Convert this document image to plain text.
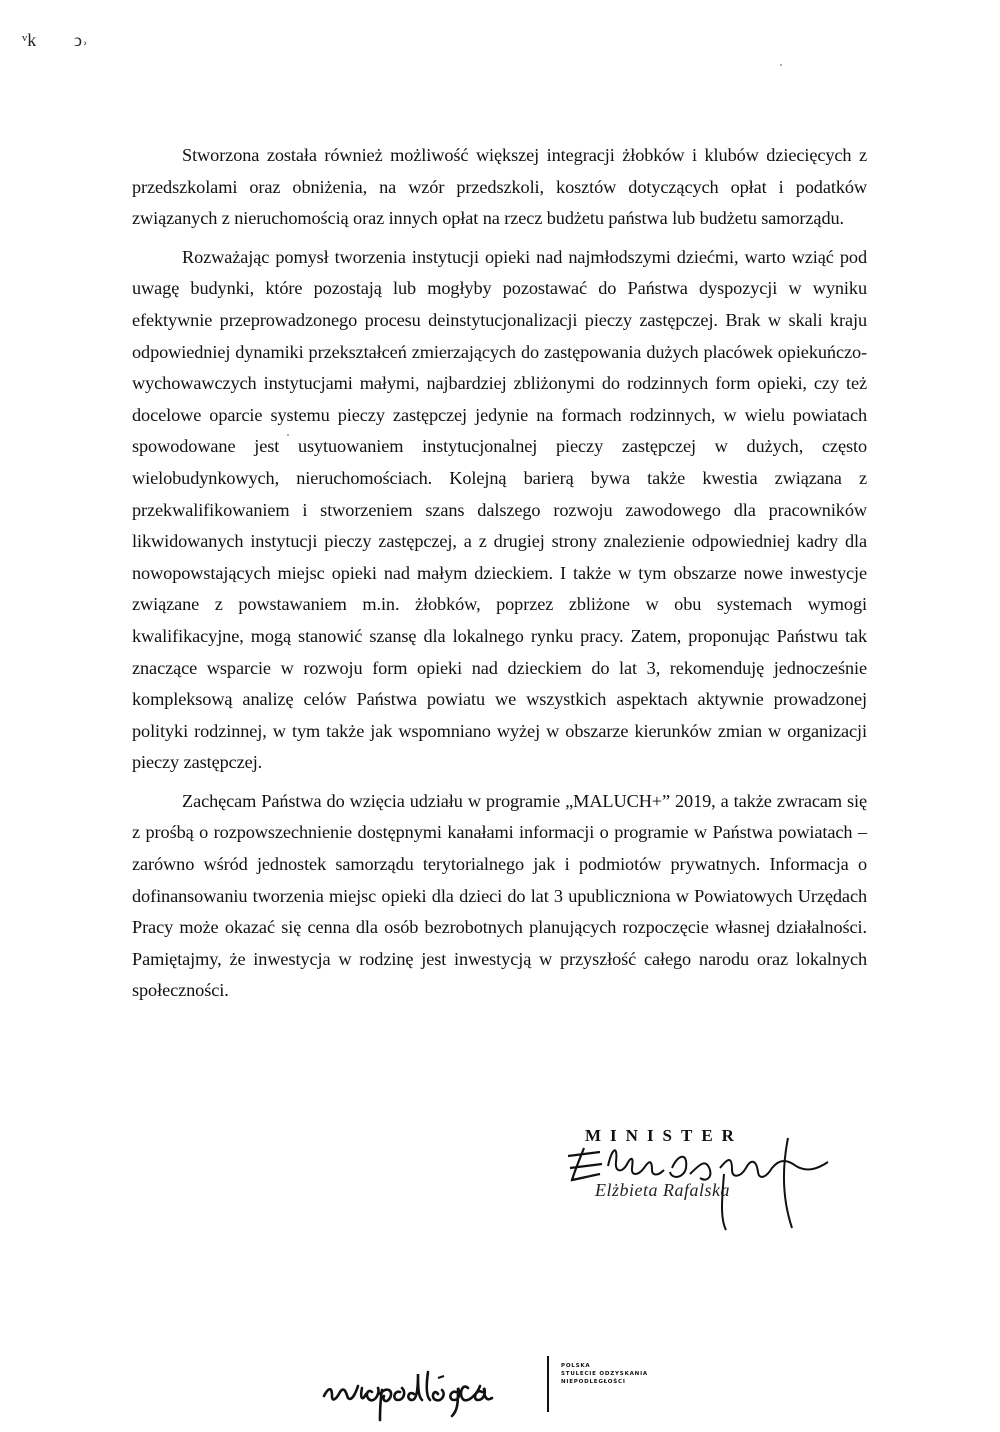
ᵛk ↄ˒

Stworzona została również możliwość większej integracji żłobków i klubów dziecięcych z przedszkolami oraz obniżenia, na wzór przedszkoli, kosztów dotyczących opłat i podatków związanych z nieruchomością oraz innych opłat na rzecz budżetu państwa lub budżetu samorządu.

Rozważając pomysł tworzenia instytucji opieki nad najmłodszymi dziećmi, warto wziąć pod uwagę budynki, które pozostają lub mogłyby pozostawać do Państwa dyspozycji w wyniku efektywnie przeprowadzonego procesu deinstytucjonalizacji pieczy zastępczej. Brak w skali kraju odpowiedniej dynamiki przekształceń zmierzających do zastępowania dużych placówek opiekuńczo-wychowawczych instytucjami małymi, najbardziej zbliżonymi do rodzinnych form opieki, czy też docelowe oparcie systemu pieczy zastępczej jedynie na formach rodzinnych, w wielu powiatach spowodowane jest usytuowaniem instytucjonalnej pieczy zastępczej w dużych, często wielobudynkowych, nieruchomościach. Kolejną barierą bywa także kwestia związana z przekwalifikowaniem i stworzeniem szans dalszego rozwoju zawodowego dla pracowników likwidowanych instytucji pieczy zastępczej, a z drugiej strony znalezienie odpowiedniej kadry dla nowopowstających miejsc opieki nad małym dzieckiem. I także w tym obszarze nowe inwestycje związane z powstawaniem m.in. żłobków, poprzez zbliżone w obu systemach wymogi kwalifikacyjne, mogą stanowić szansę dla lokalnego rynku pracy. Zatem, proponując Państwu tak znaczące wsparcie w rozwoju form opieki nad dzieckiem do lat 3, rekomenduję jednocześnie kompleksową analizę celów Państwa powiatu we wszystkich aspektach aktywnie prowadzonej polityki rodzinnej, w tym także jak wspomniano wyżej w obszarze kierunków zmian w organizacji pieczy zastępczej.

Zachęcam Państwa do wzięcia udziału w programie „MALUCH+” 2019, a także zwracam się z prośbą o rozpowszechnienie dostępnymi kanałami informacji o programie w Państwa powiatach – zarówno wśród jednostek samorządu terytorialnego jak i podmiotów prywatnych. Informacja o dofinansowaniu tworzenia miejsc opieki dla dzieci do lat 3 upubliczniona w Powiatowych Urzędach Pracy może okazać się cenna dla osób bezrobotnych planujących rozpoczęcie własnej działalności. Pamiętajmy, że inwestycja w rodzinę jest inwestycją w przyszłość całego narodu oraz lokalnych społeczności.

MINISTER
Elżbieta Rafalska
POLSKA
STULECIE ODZYSKANIA
NIEPODLEGŁOŚCI
